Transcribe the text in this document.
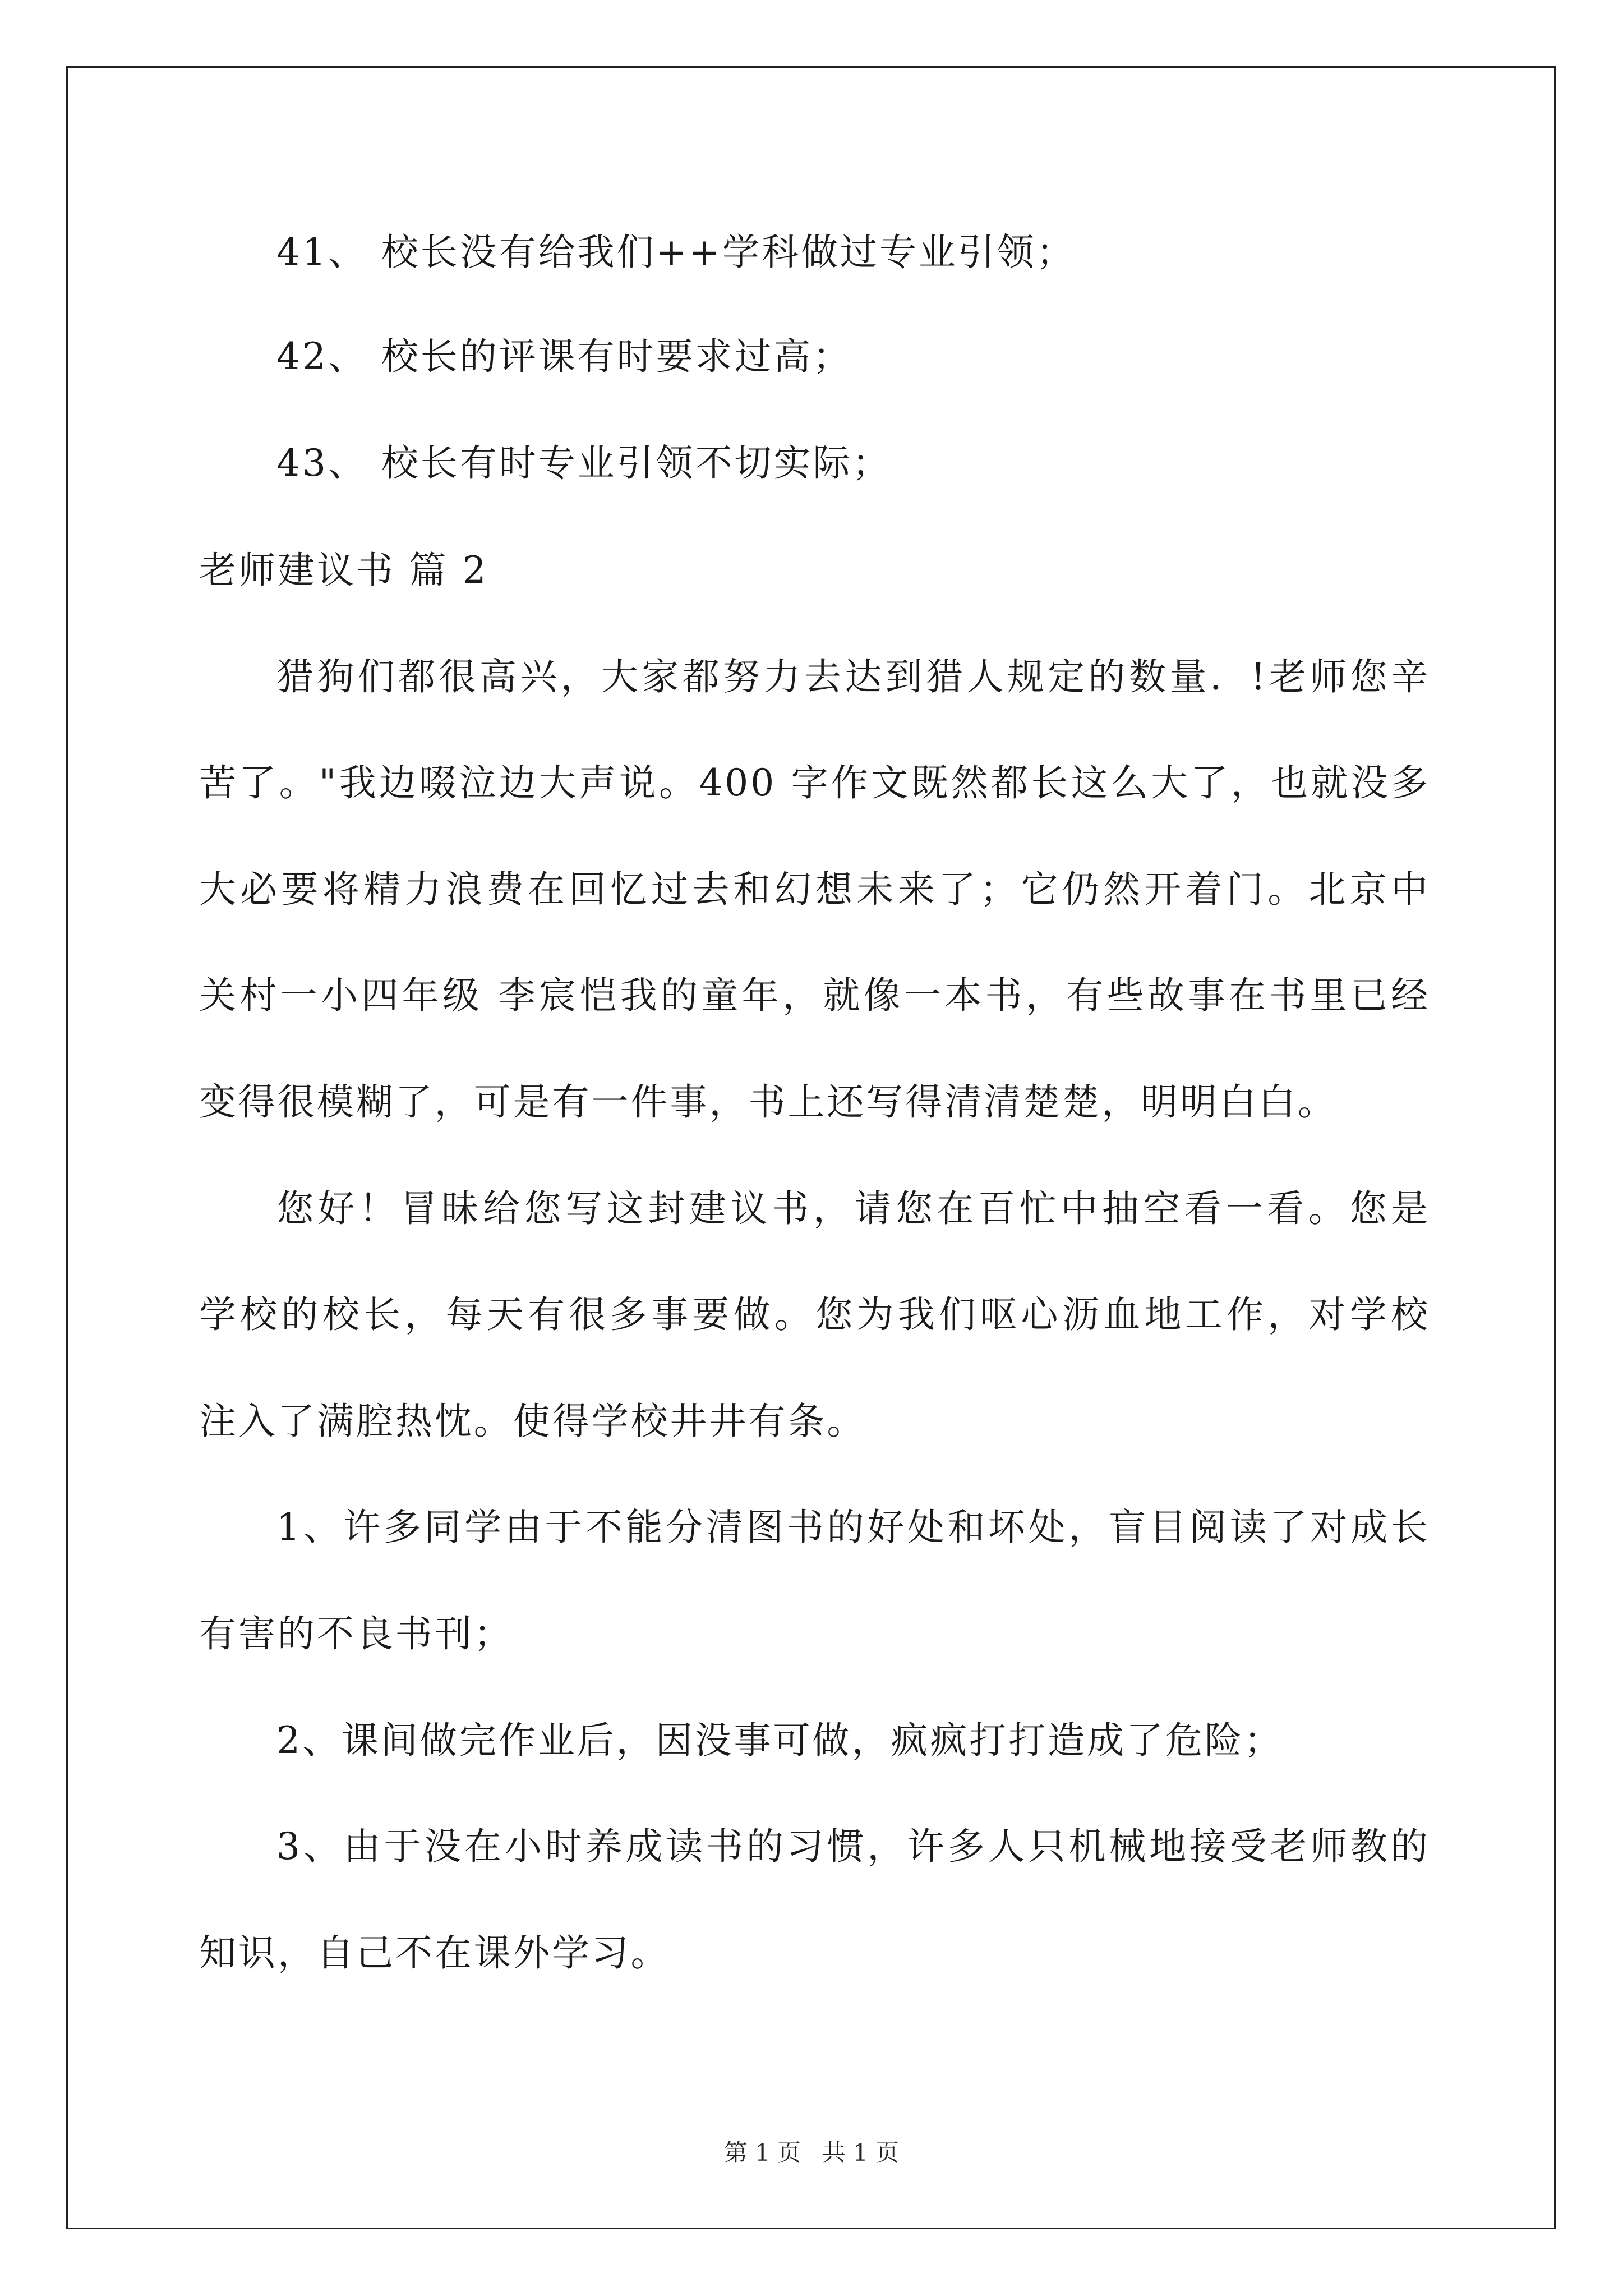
41、 校长没有给我们++学科做过专业引领；
42、 校长的评课有时要求过高；
43、 校长有时专业引领不切实际；
老师建议书 篇 2
猎狗们都很高兴，大家都努力去达到猎人规定的数量．!老师您辛
苦了。"我边啜泣边大声说。400 字作文既然都长这么大了，也就没多
大必要将精力浪费在回忆过去和幻想未来了；它仍然开着门。北京中
关村一小四年级 李宸恺我的童年，就像一本书，有些故事在书里已经
变得很模糊了，可是有一件事，书上还写得清清楚楚，明明白白。
您好！冒昧给您写这封建议书，请您在百忙中抽空看一看。您是
学校的校长，每天有很多事要做。您为我们呕心沥血地工作，对学校
注入了满腔热忱。使得学校井井有条。
1、许多同学由于不能分清图书的好处和坏处，盲目阅读了对成长
有害的不良书刊；
2、课间做完作业后，因没事可做，疯疯打打造成了危险；
3、由于没在小时养成读书的习惯，许多人只机械地接受老师教的
知识，自己不在课外学习。
第 1 页 共 1 页
